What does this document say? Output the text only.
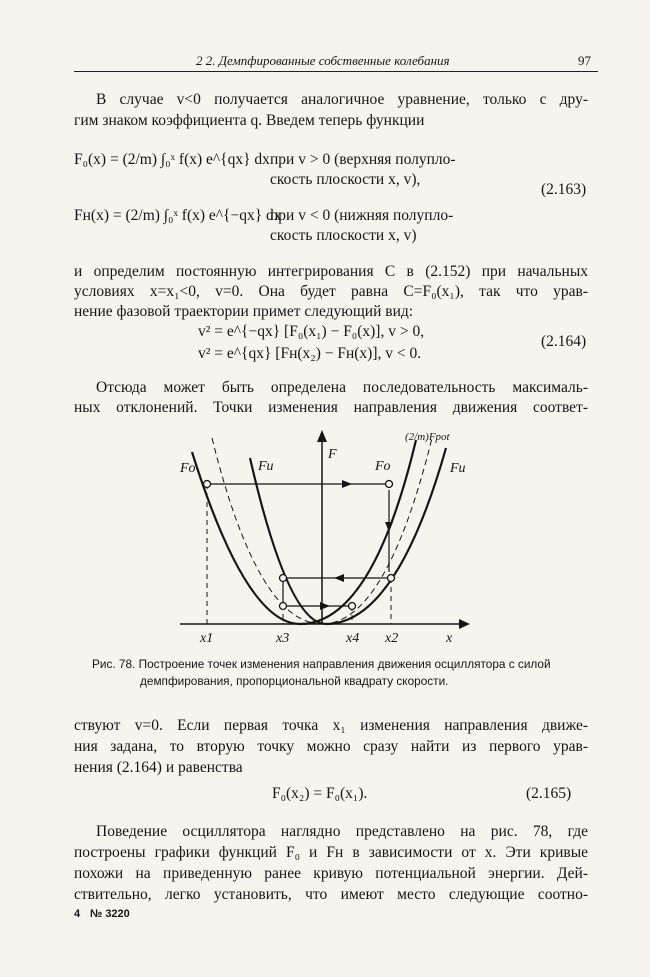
2 2. Демпфированные собственные колебания	97
В случае v<0 получается аналогичное уравнение, только с дру-
гим знаком коэффициента q. Введем теперь функции
F₀(x) = (2/m) ∫₀ˣ f(x) e^{qx} dx при v > 0 (верхняя полупло-
скость плоскости x, v),
(2.163)
Fн(x) = (2/m) ∫₀ˣ f(x) e^{−qx} dx
при v < 0 (нижняя полупло-
скость плоскости x, v)
и определим постоянную интегрирования C в (2.152) при начальных
условиях x=x₁<0, v=0. Она будет равна C=F₀(x₁), так что урав-
нение фазовой траектории примет следующий вид:
v² = e^{−qx} [F₀(x₁) − F₀(x)], v > 0,
v² = e^{qx} [Fн(x₂) − Fн(x)], v < 0.
(2.164)
Отсюда может быть определена последовательность максималь-
ных отклонений. Точки изменения направления движения соответ-
Fo	Fu
F
Fo
(2/m)Fpot
Fu
x1	x3	x4 x2	x
Рис. 78. Построение точек изменения направления движения осциллятора с силой
демпфирования, пропорциональной квадрату скорости.
ствуют v=0. Если первая точка x₁ изменения направления движе-
ния задана, то вторую точку можно сразу найти из первого урав-
нения (2.164) и равенства
F₀(x₂) = F₀(x₁).	(2.165)
Поведение осциллятора наглядно представлено на рис. 78, где
построены графики функций F₀ и Fн в зависимости от x. Эти кривые
похожи на приведенную ранее кривую потенциальной энергии. Дей-
ствительно, легко установить, что имеют место следующие соотно-
4 № 3220
